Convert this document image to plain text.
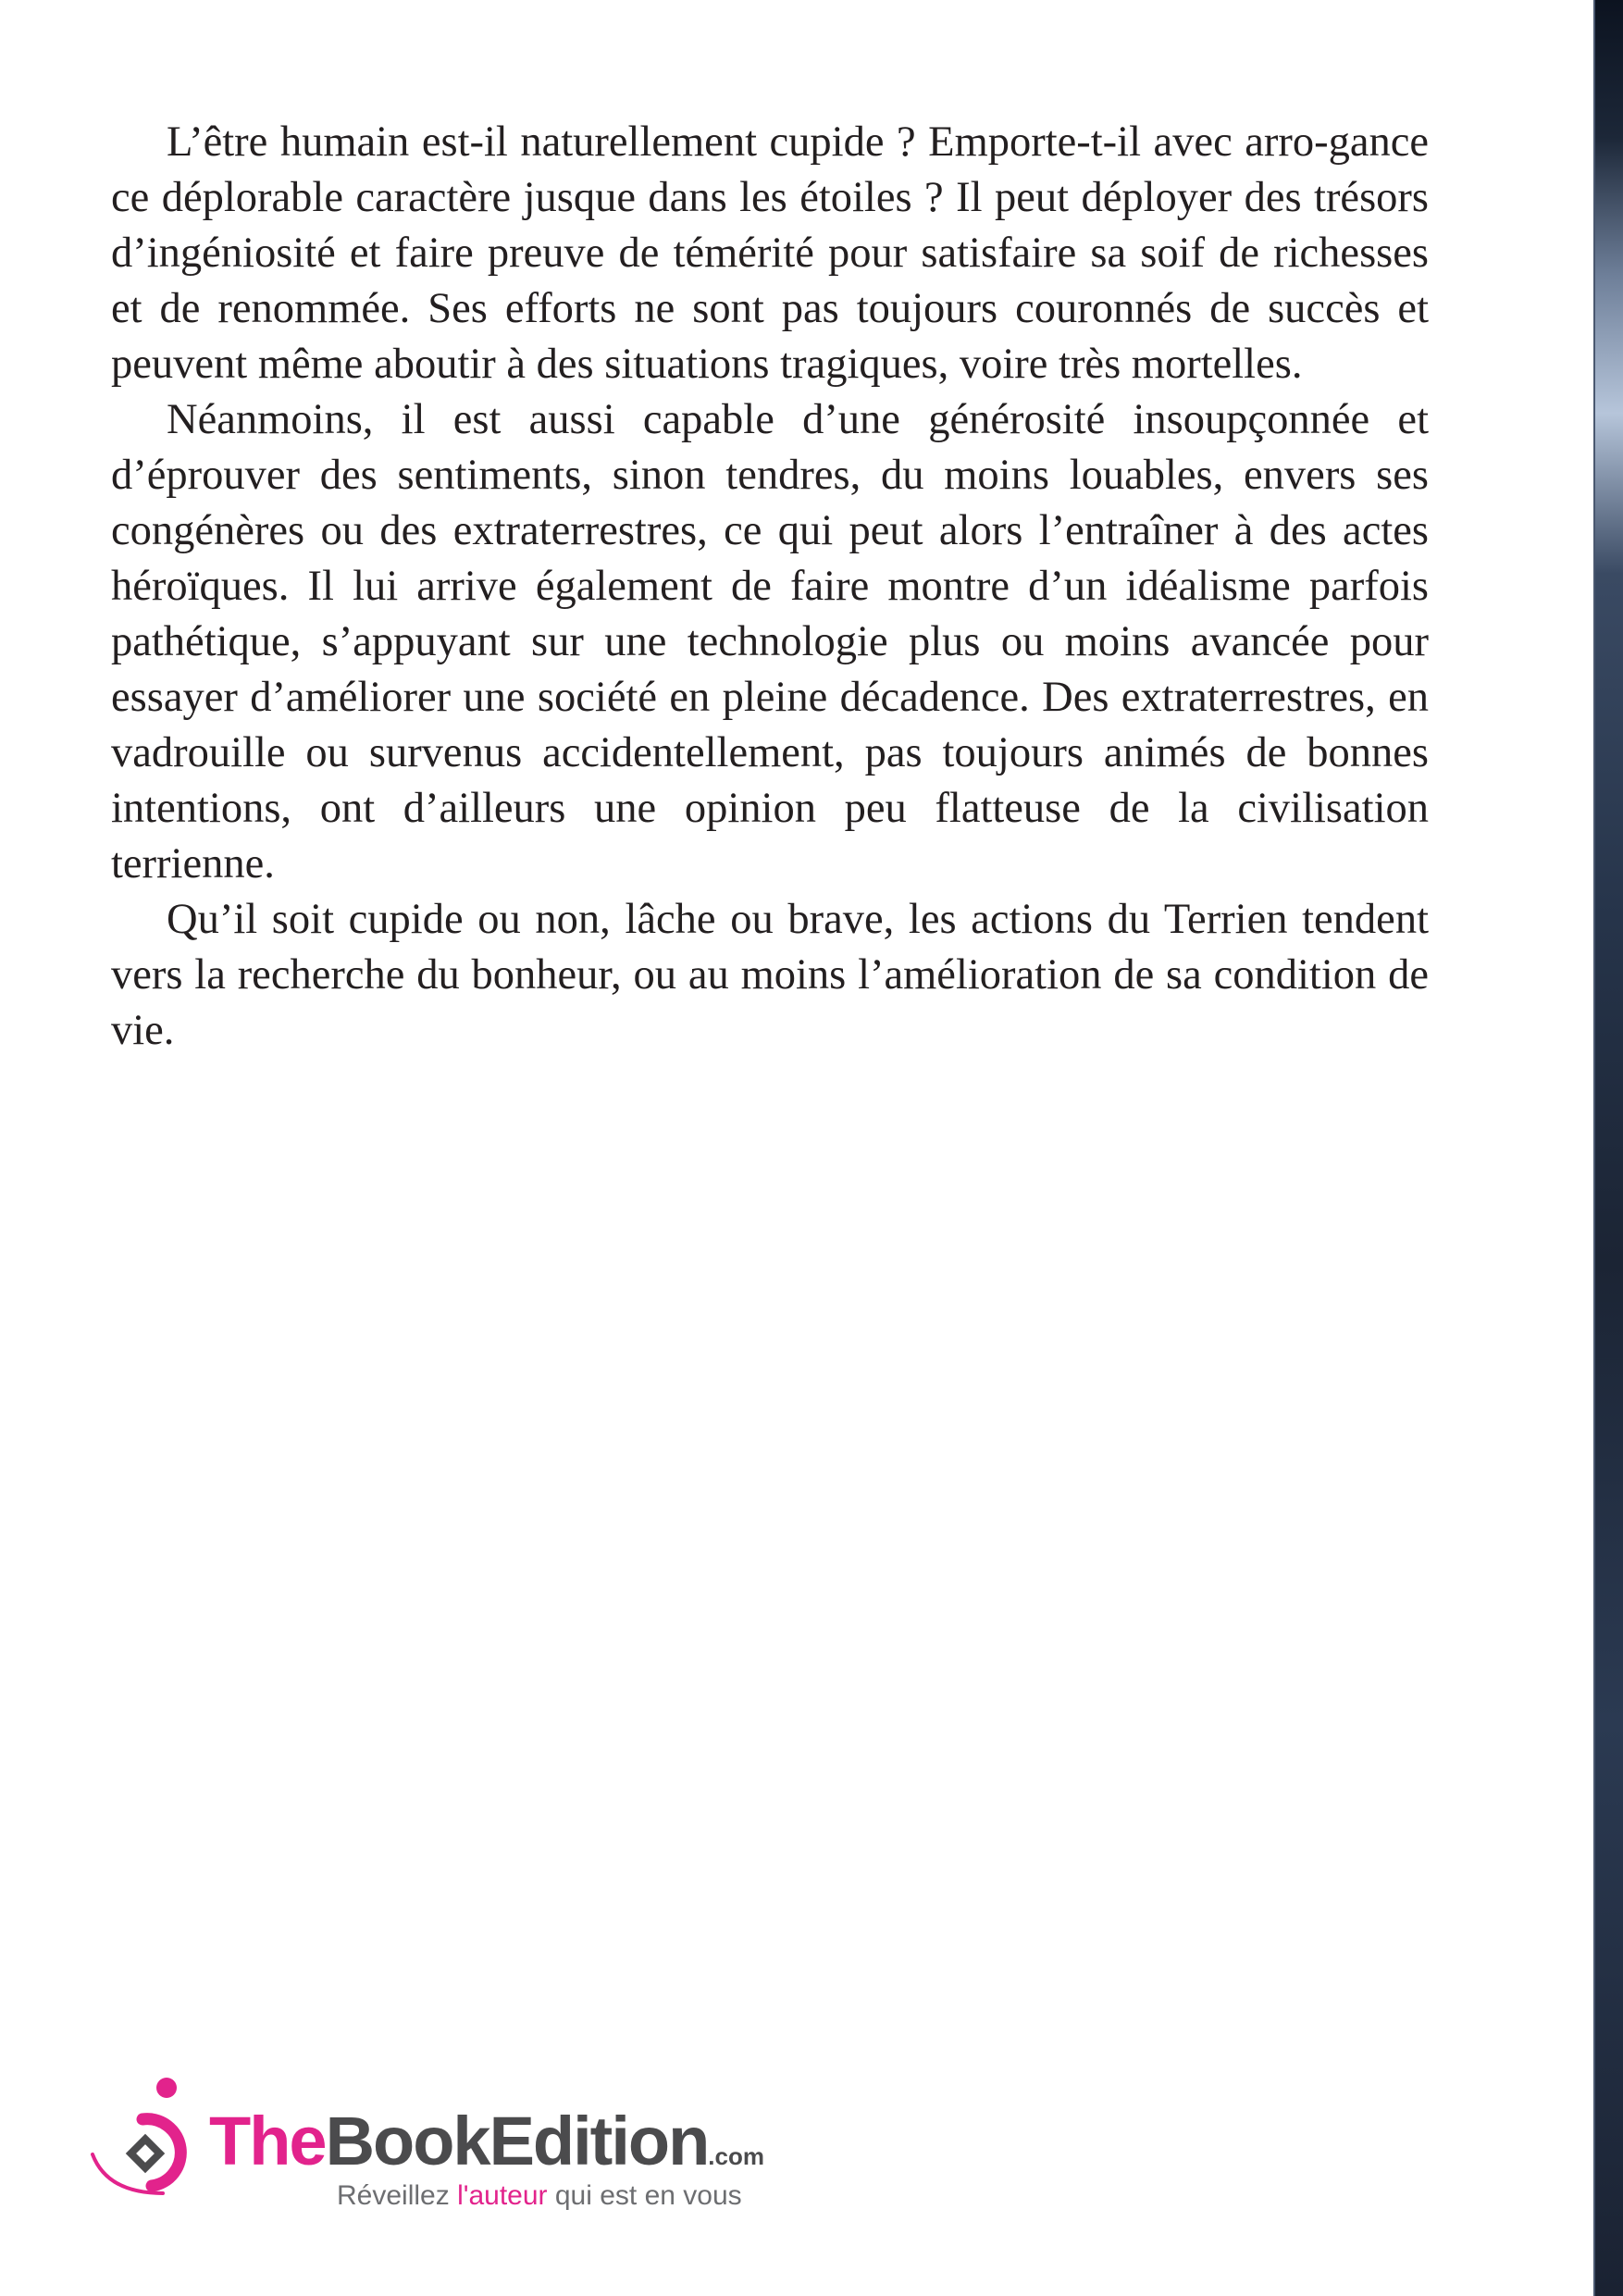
L’être humain est-il naturellement cupide ? Emporte-t-il avec arro-gance ce déplorable caractère jusque dans les étoiles ? Il peut déployer des trésors d’ingéniosité et faire preuve de témérité pour satisfaire sa soif de richesses et de renommée. Ses efforts ne sont pas toujours couronnés de succès et peuvent même aboutir à des situations tragiques, voire très mortelles.

Néanmoins, il est aussi capable d’une générosité insoupçonnée et d’éprouver des sentiments, sinon tendres, du moins louables, envers ses congénères ou des extraterrestres, ce qui peut alors l’entraîner à des actes héroïques. Il lui arrive également de faire montre d’un idéalisme parfois pathétique, s’appuyant sur une technologie plus ou moins avancée pour essayer d’améliorer une société en pleine décadence. Des extraterrestres, en vadrouille ou survenus accidentellement, pas toujours animés de bonnes intentions, ont d’ailleurs une opinion peu flatteuse de la civilisation terrienne.

Qu’il soit cupide ou non, lâche ou brave, les actions du Terrien tendent vers la recherche du bonheur, ou au moins l’amélioration de sa condition de vie.

TheBookEdition.com
Réveillez l'auteur qui est en vous
